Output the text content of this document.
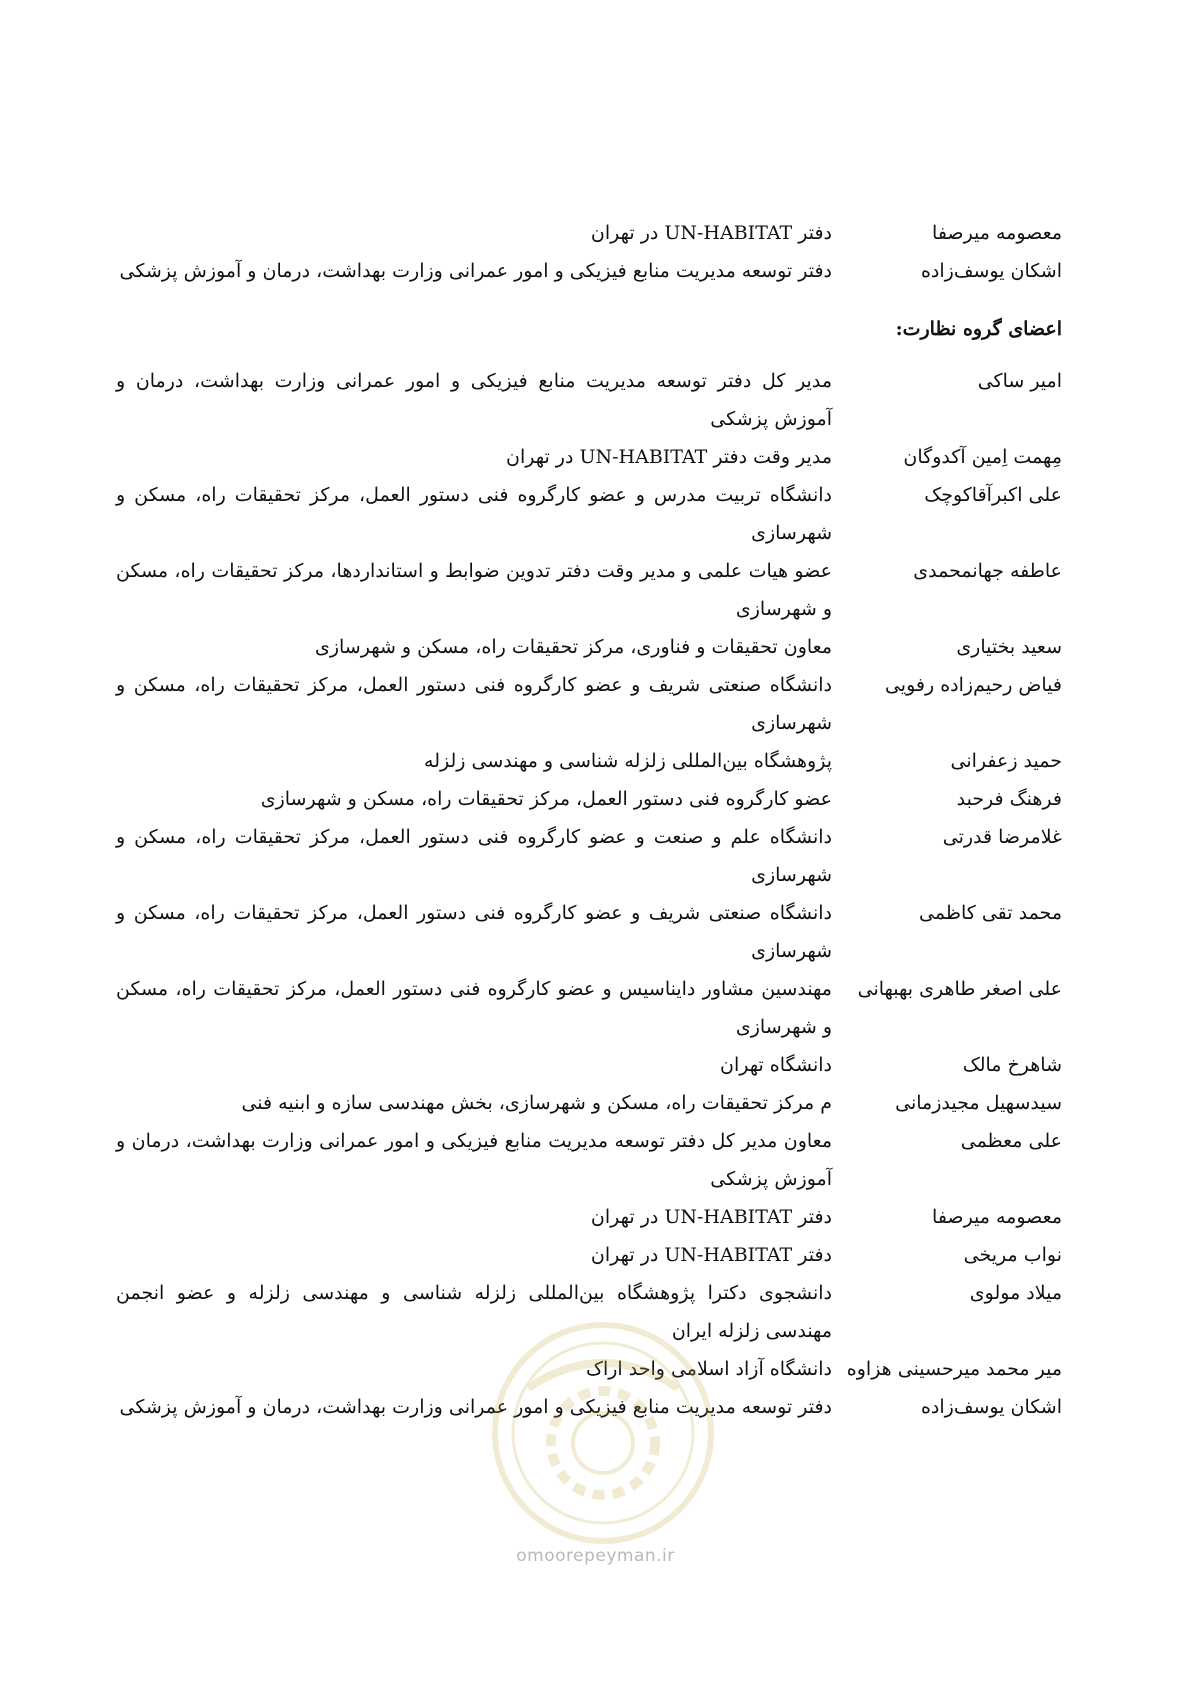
معصومه میرصفا
دفتر UN-HABITAT در تهران
اشکان یوسف‌زاده
دفتر توسعه مدیریت منابع فیزیکی و امور عمرانی وزارت بهداشت، درمان و آموزش پزشکی
اعضای گروه نظارت:
امیر ساکی
مدیر کل دفتر توسعه مدیریت منابع فیزیکی و امور عمرانی وزارت بهداشت، درمان و آموزش پزشکی
مِهمت اِمین آکدوگان
مدیر وقت دفتر UN-HABITAT در تهران
علی اکبرآقاکوچک
دانشگاه تربیت مدرس و عضو کارگروه فنی دستور العمل، مرکز تحقیقات راه، مسکن و شهرسازی
عاطفه جهانمحمدی
عضو هیات علمی و مدیر وقت دفتر تدوین ضوابط و استانداردها، مرکز تحقیقات راه، مسکن و شهرسازی
سعید بختیاری
معاون تحقیقات و فناوری، مرکز تحقیقات راه، مسکن و شهرسازی
فیاض رحیم‌زاده رفویی
دانشگاه صنعتی شریف و عضو کارگروه فنی دستور العمل، مرکز تحقیقات راه، مسکن و شهرسازی
حمید زعفرانی
پژوهشگاه بین‌المللی زلزله شناسی و مهندسی زلزله
فرهنگ فرحبد
عضو کارگروه فنی دستور العمل، مرکز تحقیقات راه، مسکن و شهرسازی
غلامرضا قدرتی
دانشگاه علم و صنعت و عضو کارگروه فنی دستور العمل، مرکز تحقیقات راه، مسکن و شهرسازی
محمد تقی کاظمی
دانشگاه صنعتی شریف و عضو کارگروه فنی دستور العمل، مرکز تحقیقات راه، مسکن و شهرسازی
علی اصغر طاهری بهبهانی
مهندسین مشاور دایناسیس و عضو کارگروه فنی دستور العمل، مرکز تحقیقات راه، مسکن و شهرسازی
شاهرخ مالک
دانشگاه تهران
سیدسهیل مجیدزمانی
م مرکز تحقیقات راه، مسکن و شهرسازی، بخش مهندسی سازه و ابنیه فنی
علی معظمی
معاون مدیر کل دفتر توسعه مدیریت منابع فیزیکی و امور عمرانی وزارت بهداشت، درمان و آموزش پزشکی
معصومه میرصفا
دفتر UN-HABITAT در تهران
نواب مریخی
دفتر UN-HABITAT در تهران
میلاد مولوی
دانشجوی دکترا پژوهشگاه بین‌المللی زلزله شناسی و مهندسی زلزله و عضو انجمن مهندسی زلزله ایران
میر محمد میرحسینی هزاوه
دانشگاه آزاد اسلامی واحد اراک
اشکان یوسف‌زاده
دفتر توسعه مدیریت منابع فیزیکی و امور عمرانی وزارت بهداشت، درمان و آموزش پزشکی
omoorepeyman.ir
